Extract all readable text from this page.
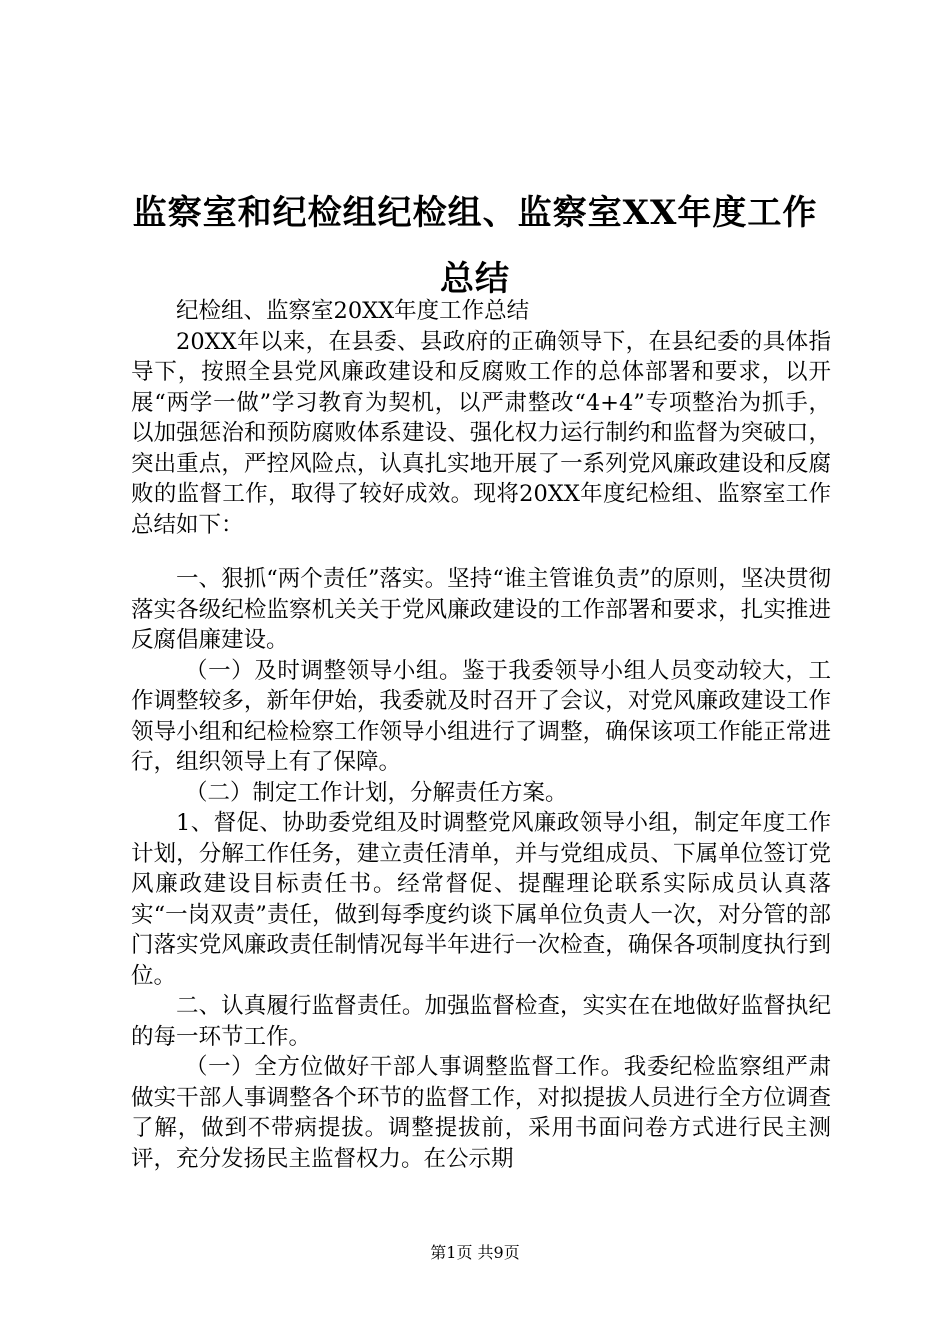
监察室和纪检组纪检组、监察室XX年度工作
总结

纪检组、监察室20XX年度工作总结

20XX年以来，在县委、县政府的正确领导下，在县纪委的具体指导下，按照全县党风廉政建设和反腐败工作的总体部署和要求，以开展“两学一做”学习教育为契机，以严肃整改“4+4”专项整治为抓手，以加强惩治和预防腐败体系建设、强化权力运行制约和监督为突破口，突出重点，严控风险点，认真扎实地开展了一系列党风廉政建设和反腐败的监督工作，取得了较好成效。现将20XX年度纪检组、监察室工作总结如下：

一、狠抓“两个责任”落实。坚持“谁主管谁负责”的原则，坚决贯彻落实各级纪检监察机关关于党风廉政建设的工作部署和要求，扎实推进反腐倡廉建设。

（一）及时调整领导小组。鉴于我委领导小组人员变动较大，工作调整较多，新年伊始，我委就及时召开了会议，对党风廉政建设工作领导小组和纪检检察工作领导小组进行了调整，确保该项工作能正常进行，组织领导上有了保障。

（二）制定工作计划，分解责任方案。

1、督促、协助委党组及时调整党风廉政领导小组，制定年度工作计划，分解工作任务，建立责任清单，并与党组成员、下属单位签订党风廉政建设目标责任书。经常督促、提醒理论联系实际成员认真落实“一岗双责”责任，做到每季度约谈下属单位负责人一次，对分管的部门落实党风廉政责任制情况每半年进行一次检查，确保各项制度执行到位。

二、认真履行监督责任。加强监督检查，实实在在地做好监督执纪的每一环节工作。

（一）全方位做好干部人事调整监督工作。我委纪检监察组严肃做实干部人事调整各个环节的监督工作，对拟提拔人员进行全方位调查了解，做到不带病提拔。调整提拔前，采用书面问卷方式进行民主测评，充分发扬民主监督权力。在公示期

第1页 共9页
